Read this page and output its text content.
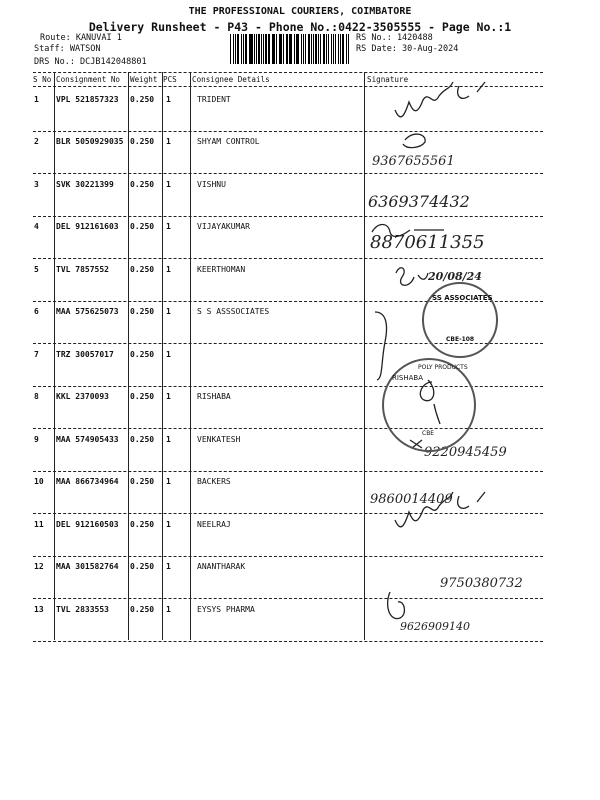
THE PROFESSIONAL COURIERS, COIMBATORE
Delivery Runsheet - P43 - Phone No.:0422-3505555 - Page No.:1
Route: KANUVAI 1
Staff: WATSON
DRS No.: DCJB142048801
RS No.: 1420488
RS Date: 30-Aug-2024
S No Consignment No Weight PCS Consignee Details	Signature
1 VPL 521857323 0.250 1	TRIDENT
2 BLR 5050929035 0.250 1	SHYAM CONTROL
3 SVK 30221399 0.250 1	VISHNU
4 DEL 912161603 0.250 1	VIJAYAKUMAR
5 TVL 7857552	0.250 1	KEERTHOMAN
6 MAA 575625073 0.250 1	S S ASSSOCIATES
7 TRZ 30057017 0.250 1
8 KKL 2370093	0.250 1	RISHABA
9 MAA 574905433 0.250 1	VENKATESH
10 MAA 866734964 0.250 1	BACKERS
11 DEL 912160503 0.250 1	NEELRAJ
12 MAA 301582764 0.250 1	ANANTHARAK
13 TVL 2833553	0.250 1	EYSYS PHARMA
9367655561
6369374432
8870611355
20/08/24
9220945459
9860014409
9750380732
9626909140
SS ASSOCIATES
CBE-108
RISHABA
POLY PRODUCTS
CBE
